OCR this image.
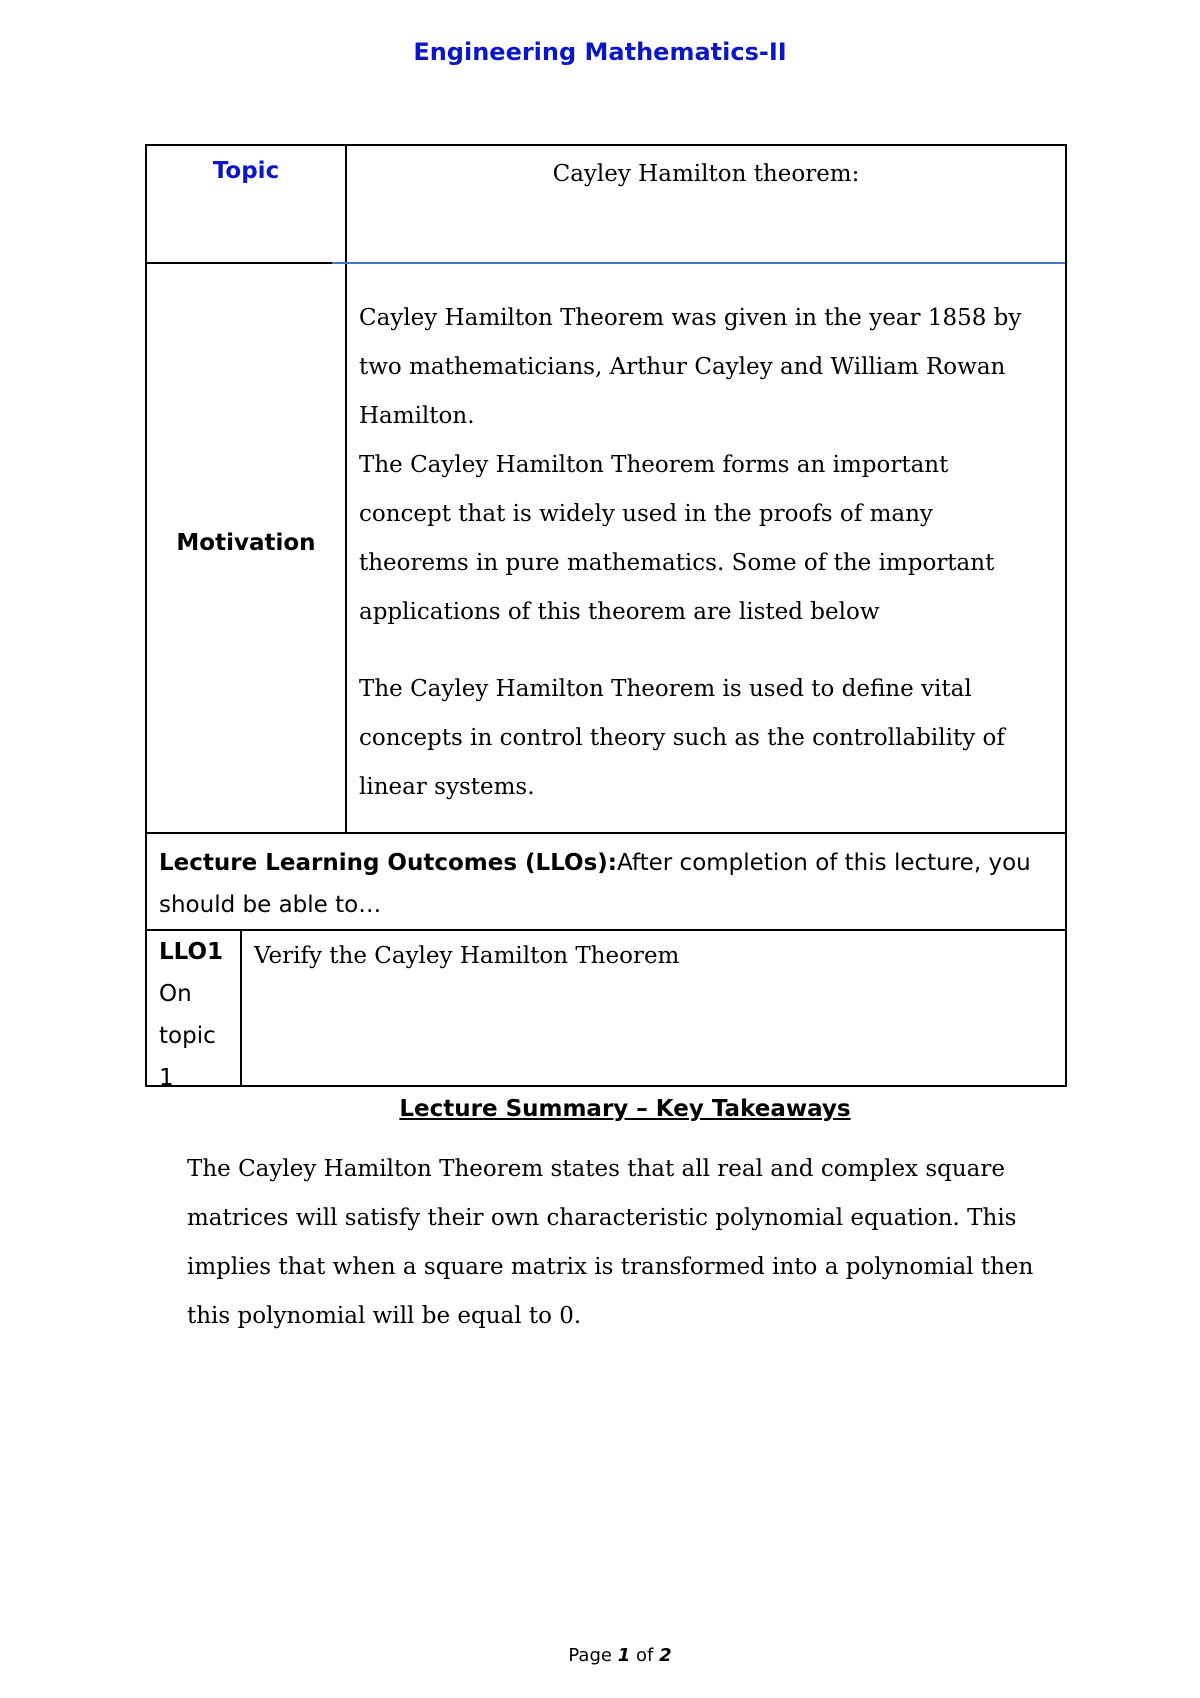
Engineering Mathematics-II
Topic	Cayley Hamilton theorem:
Motivation

Cayley Hamilton Theorem was given in the year 1858 by two mathematicians, Arthur Cayley and William Rowan Hamilton.

The Cayley Hamilton Theorem forms an important concept that is widely used in the proofs of many theorems in pure mathematics. Some of the important applications of this theorem are listed below

The Cayley Hamilton Theorem is used to define vital concepts in control theory such as the controllability of linear systems.

Lecture Learning Outcomes (LLOs):After completion of this lecture, you should be able to…
LLO1
On topic 1
Verify the Cayley Hamilton Theorem
Lecture Summary – Key Takeaways
The Cayley Hamilton Theorem states that all real and complex square matrices will satisfy their own characteristic polynomial equation. This implies that when a square matrix is transformed into a polynomial then this polynomial will be equal to 0.
Page 1 of 2
